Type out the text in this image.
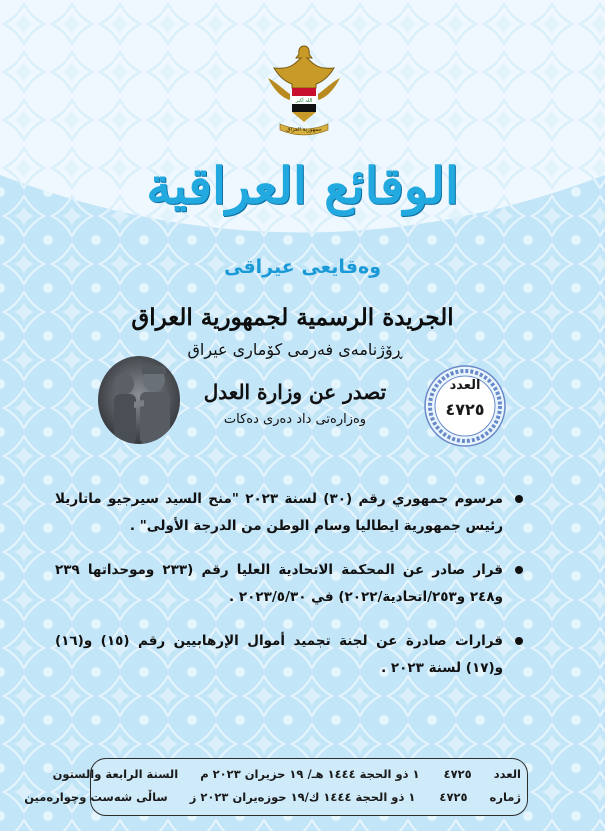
الله أكبر
جمهورية العراق
الوقائع العراقية
وەقایعی عیراقی
الجريدة الرسمية لجمهورية العراق
ڕۆژنامەی فەرمی کۆماری عیراق
تصدر عن وزارة العدل
وەزارەتی داد دەری دەکات
العدد
٤٧٢٥
مرسوم جمهوري رقم (٣٠) لسنة ٢٠٢٣ "منح السيد سيرجيو ماتاريلا رئيس جمهورية ايطاليا وسام الوطن من الدرجة الأولى" .
قرار صادر عن المحكمة الاتحادية العليا رقم (٢٣٣ وموحداتها ٢٣٩ و٢٤٨ و٢٥٣/اتحادية/٢٠٢٢) في ٢٠٢٣/٥/٣٠ .
قرارات صادرة عن لجنة تجميد أموال الإرهابيين رقم (١٥) و(١٦) و(١٧) لسنة ٢٠٢٣ .
العدد  ٤٧٢٥  ١ ذو الحجة ١٤٤٤ هـ/ ١٩ حزيران ٢٠٢٣ م  السنة الرابعة والستون
ژمارە  ٤٧٢٥  ١ ذو الحجة ١٤٤٤ ك/١٩ حوزەیران ٢٠٢٣ ز  ساڵی شەست وچوارەمین
